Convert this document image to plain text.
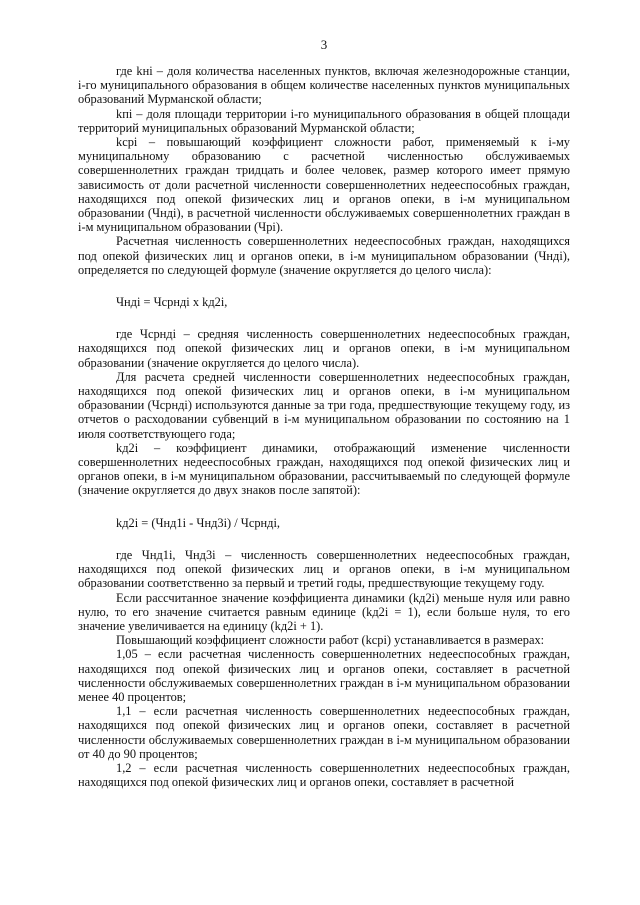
3

где kнi – доля количества населенных пунктов, включая железнодорожные станции, i-го муниципального образования в общем количестве населенных пунктов муниципальных образований Мурманской области;

kпi – доля площади территории i-го муниципального образования в общей площади территорий муниципальных образований Мурманской области;

kсрi – повышающий коэффициент сложности работ, применяемый к i-му муниципальному образованию с расчетной численностью обслуживаемых совершеннолетних граждан тридцать и более человек, размер которого имеет прямую зависимость от доли расчетной численности совершеннолетних недееспособных граждан, находящихся под опекой физических лиц и органов опеки, в i-м муниципальном образовании (Чндi), в расчетной численности обслуживаемых совершеннолетних граждан в i-м муниципальном образовании (Чрi).

Расчетная численность совершеннолетних недееспособных граждан, находящихся под опекой физических лиц и органов опеки, в i-м муниципальном образовании (Чндi), определяется по следующей формуле (значение округляется до целого числа):

Чндi = Чсрндi x kд2i,

где Чсрндi – средняя численность совершеннолетних недееспособных граждан, находящихся под опекой физических лиц и органов опеки, в i-м муниципальном образовании (значение округляется до целого числа).

Для расчета средней численности совершеннолетних недееспособных граждан, находящихся под опекой физических лиц и органов опеки, в i-м муниципальном образовании (Чсрндi) используются данные за три года, предшествующие текущему году, из отчетов о расходовании субвенций в i-м муниципальном образовании по состоянию на 1 июля соответствующего года;

kд2i – коэффициент динамики, отображающий изменение численности совершеннолетних недееспособных граждан, находящихся под опекой физических лиц и органов опеки, в i-м муниципальном образовании, рассчитываемый по следующей формуле (значение округляется до двух знаков после запятой):

kд2i = (Чнд1i - Чнд3i) / Чсрндi,

где Чнд1i, Чнд3i – численность совершеннолетних недееспособных граждан, находящихся под опекой физических лиц и органов опеки, в i-м муниципальном образовании соответственно за первый и третий годы, предшествующие текущему году.

Если рассчитанное значение коэффициента динамики (kд2i) меньше нуля или равно нулю, то его значение считается равным единице (kд2i = 1), если больше нуля, то его значение увеличивается на единицу (kд2i + 1).

Повышающий коэффициент сложности работ (kсрi) устанавливается в размерах:

1,05 – если расчетная численность совершеннолетних недееспособных граждан, находящихся под опекой физических лиц и органов опеки, составляет в расчетной численности обслуживаемых совершеннолетних граждан в i-м муниципальном образовании менее 40 процентов;

1,1 – если расчетная численность совершеннолетних недееспособных граждан, находящихся под опекой физических лиц и органов опеки, составляет в расчетной численности обслуживаемых совершеннолетних граждан в i-м муниципальном образовании от 40 до 90 процентов;

1,2 – если расчетная численность совершеннолетних недееспособных граждан, находящихся под опекой физических лиц и органов опеки, составляет в расчетной
